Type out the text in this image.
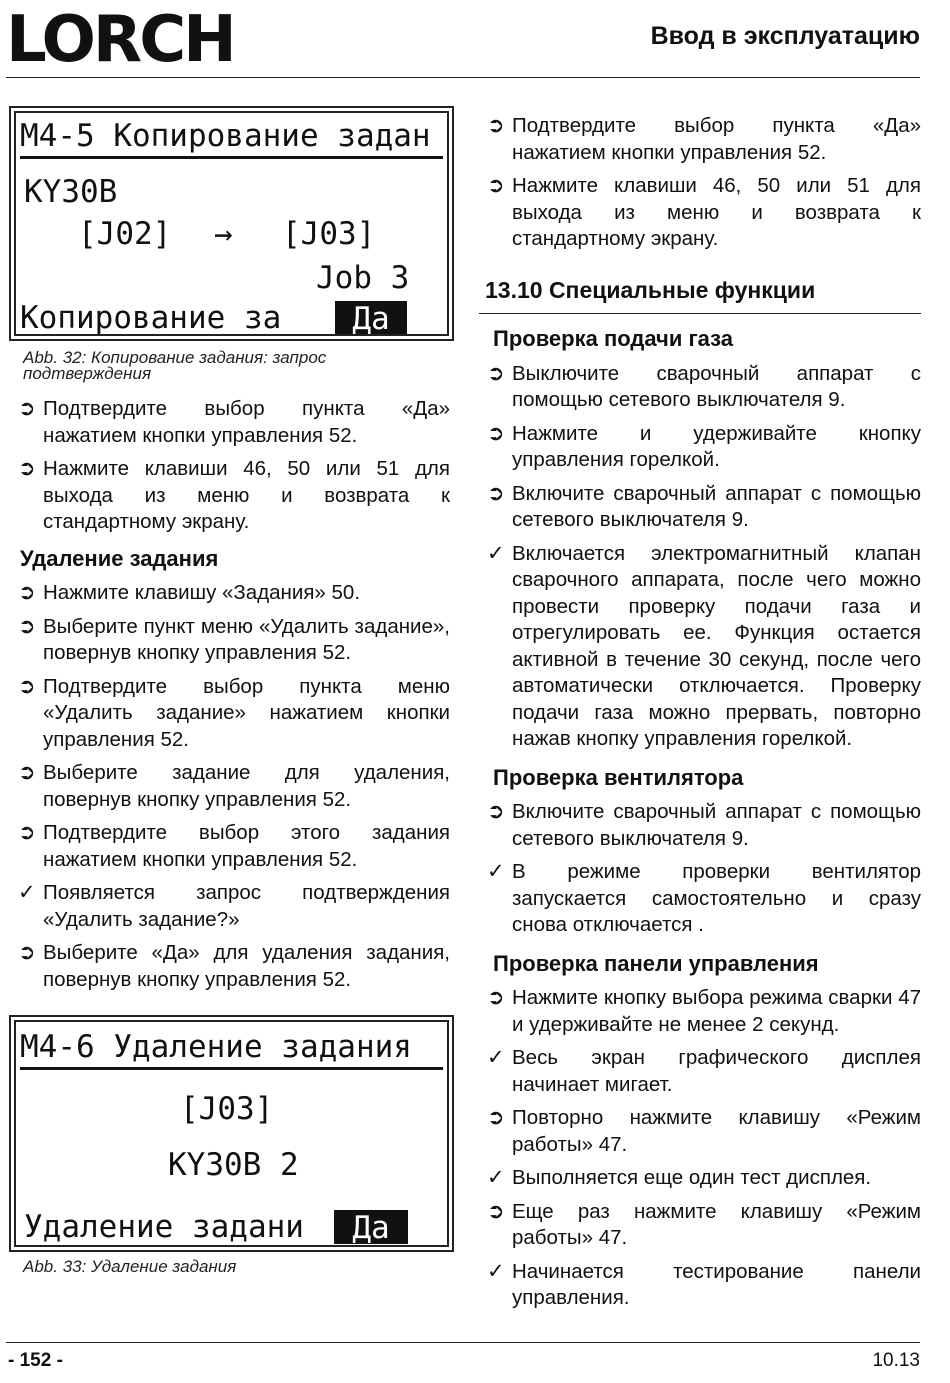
LORCH	Ввод в эксплуатацию
M4-5 Копирование задан
KY30B
[J02] → [J03]
Job 3
Копирование за	Да
Abb. 32: Копирование задания: запрос подтверждения
➲ Подтвердите выбор пункта «Да» нажатием кнопки управления 52.
➲ Нажмите клавиши 46, 50 или 51 для выхода из меню и возврата к стандартному экрану.
Удаление задания
➲ Нажмите клавишу «Задания» 50.
➲ Выберите пункт меню «Удалить задание», повернув кнопку управления 52.
➲ Подтвердите выбор пункта меню «Удалить задание» нажатием кнопки управления 52.
➲ Выберите задание для удаления, повернув кнопку управления 52.
➲ Подтвердите выбор этого задания нажатием кнопки управления 52.
✓ Появляется запрос подтверждения «Удалить задание?»
➲ Выберите «Да» для удаления задания, повернув кнопку управления 52.
M4-6 Удаление задания
[J03]
KY30B 2
Удаление задани	Да
Abb. 33: Удаление задания
➲ Подтвердите выбор пункта «Да» нажатием кнопки управления 52.
➲ Нажмите клавиши 46, 50 или 51 для выхода из меню и возврата к стандартному экрану.
13.10 Специальные функции
Проверка подачи газа
➲ Выключите сварочный аппарат с помощью сетевого выключателя 9.
➲ Нажмите и удерживайте кнопку управления горелкой.
➲ Включите сварочный аппарат с помощью сетевого выключателя 9.
✓ Включается электромагнитный клапан сварочного аппарата, после чего можно провести проверку подачи газа и отрегулировать ее. Функция остается активной в течение 30 секунд, после чего автоматически отключается. Проверку подачи газа можно прервать, повторно нажав кнопку управления горелкой.
Проверка вентилятора
➲ Включите сварочный аппарат с помощью сетевого выключателя 9.
✓ В режиме проверки вентилятор запускается самостоятельно и сразу снова отключается .
Проверка панели управления
➲ Нажмите кнопку выбора режима сварки 47 и удерживайте не менее 2 секунд.
✓ Весь экран графического дисплея начинает мигает.
➲ Повторно нажмите клавишу «Режим работы» 47.
✓ Выполняется еще один тест дисплея.
➲ Еще раз нажмите клавишу «Режим работы» 47.
✓ Начинается тестирование панели управления.
- 152 -	10.13
